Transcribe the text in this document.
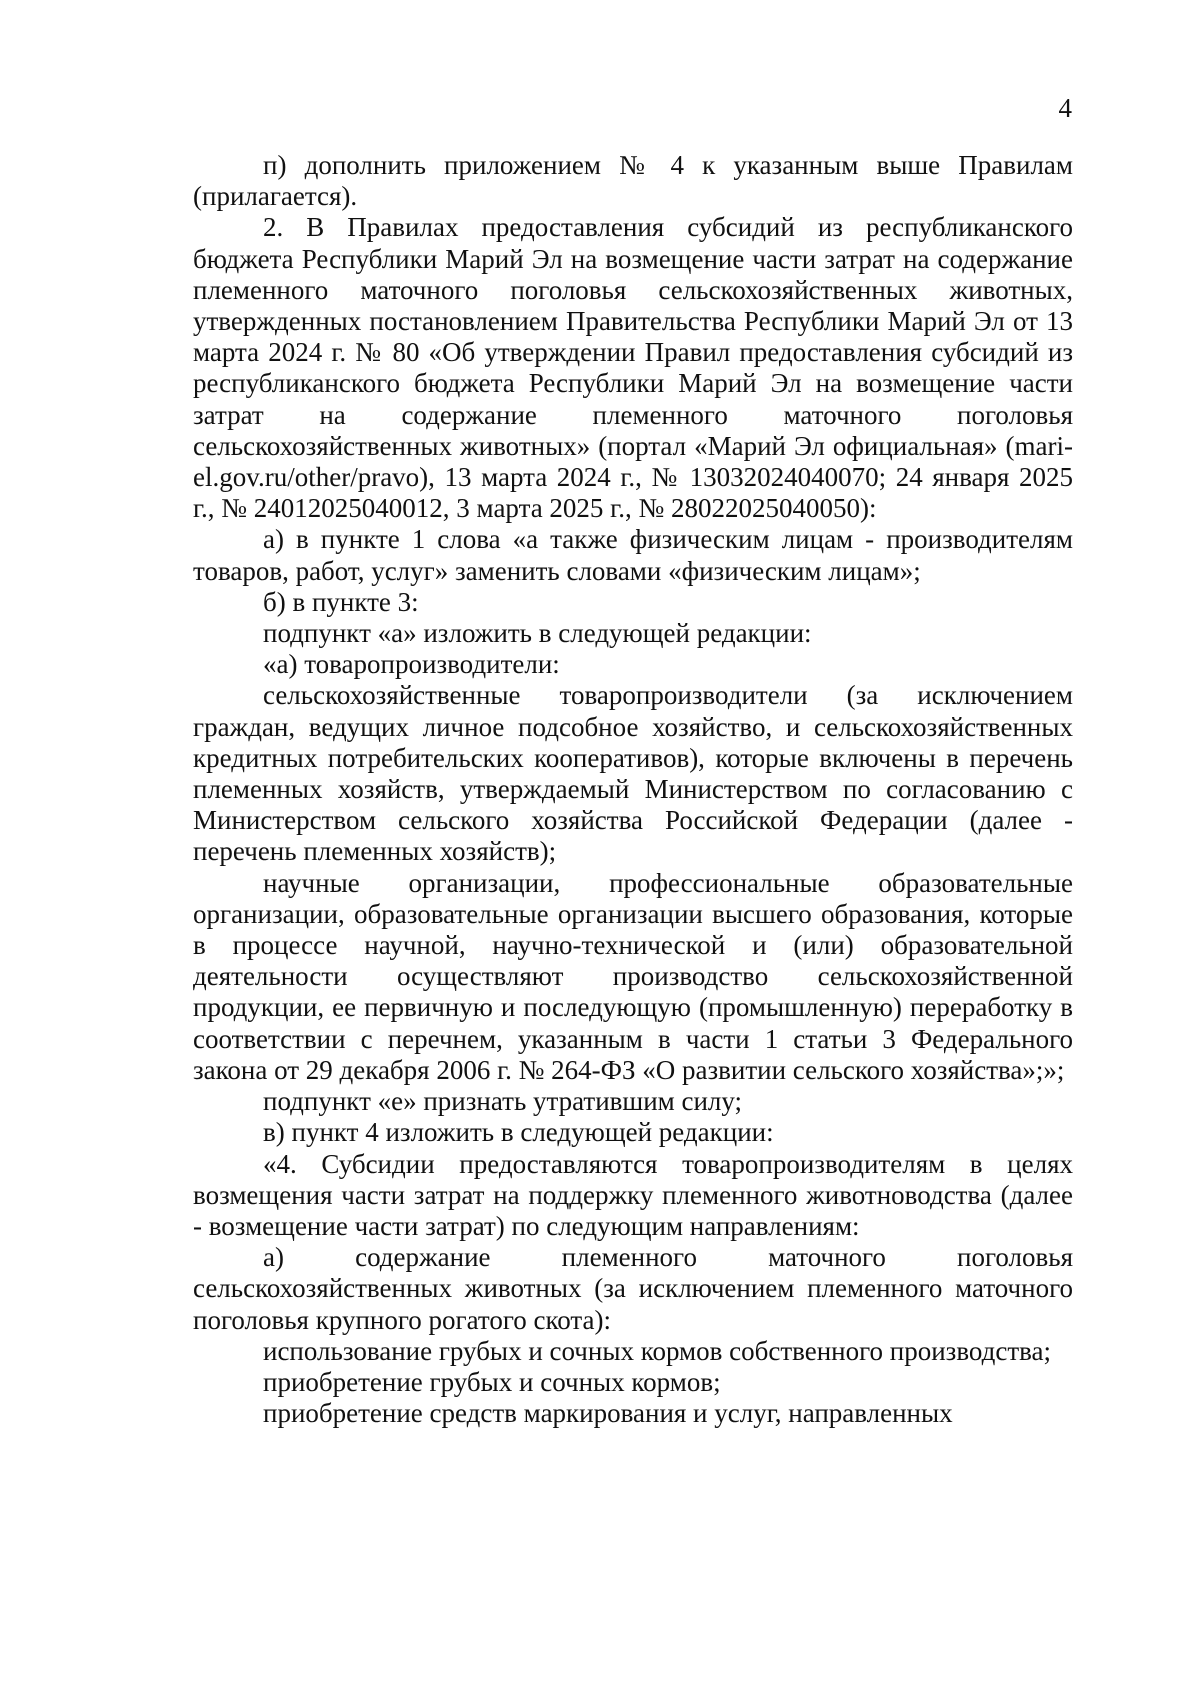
4

п) дополнить приложением № 4 к указанным выше Правилам (прилагается).

2. В Правилах предоставления субсидий из республиканского бюджета Республики Марий Эл на возмещение части затрат на содержание племенного маточного поголовья сельскохозяйственных животных, утвержденных постановлением Правительства Республики Марий Эл от 13 марта 2024 г. № 80 «Об утверждении Правил предоставления субсидий из республиканского бюджета Республики Марий Эл на возмещение части затрат на содержание племенного маточного поголовья сельскохозяйственных животных» (портал «Марий Эл официальная» (mari-el.gov.ru/other/pravo), 13 марта 2024 г., № 13032024040070; 24 января 2025 г., № 24012025040012, 3 марта 2025 г., № 28022025040050):

а) в пункте 1 слова «а также физическим лицам - производителям товаров, работ, услуг» заменить словами «физическим лицам»;

б) в пункте 3:

подпункт «а» изложить в следующей редакции:

«а) товаропроизводители:

сельскохозяйственные товаропроизводители (за исключением граждан, ведущих личное подсобное хозяйство, и сельскохозяйственных кредитных потребительских кооперативов), которые включены в перечень племенных хозяйств, утверждаемый Министерством по согласованию с Министерством сельского хозяйства Российской Федерации (далее - перечень племенных хозяйств);

научные организации, профессиональные образовательные организации, образовательные организации высшего образования, которые в процессе научной, научно-технической и (или) образовательной деятельности осуществляют производство сельскохозяйственной продукции, ее первичную и последующую (промышленную) переработку в соответствии с перечнем, указанным в части 1 статьи 3 Федерального закона от 29 декабря 2006 г. № 264-ФЗ «О развитии сельского хозяйства»;»;

подпункт «е» признать утратившим силу;

в) пункт 4 изложить в следующей редакции:

«4. Субсидии предоставляются товаропроизводителям в целях возмещения части затрат на поддержку племенного животноводства (далее - возмещение части затрат) по следующим направлениям:

а) содержание племенного маточного поголовья сельскохозяйственных животных (за исключением племенного маточного поголовья крупного рогатого скота):

использование грубых и сочных кормов собственного производства;

приобретение грубых и сочных кормов;

приобретение средств маркирования и услуг, направленных
